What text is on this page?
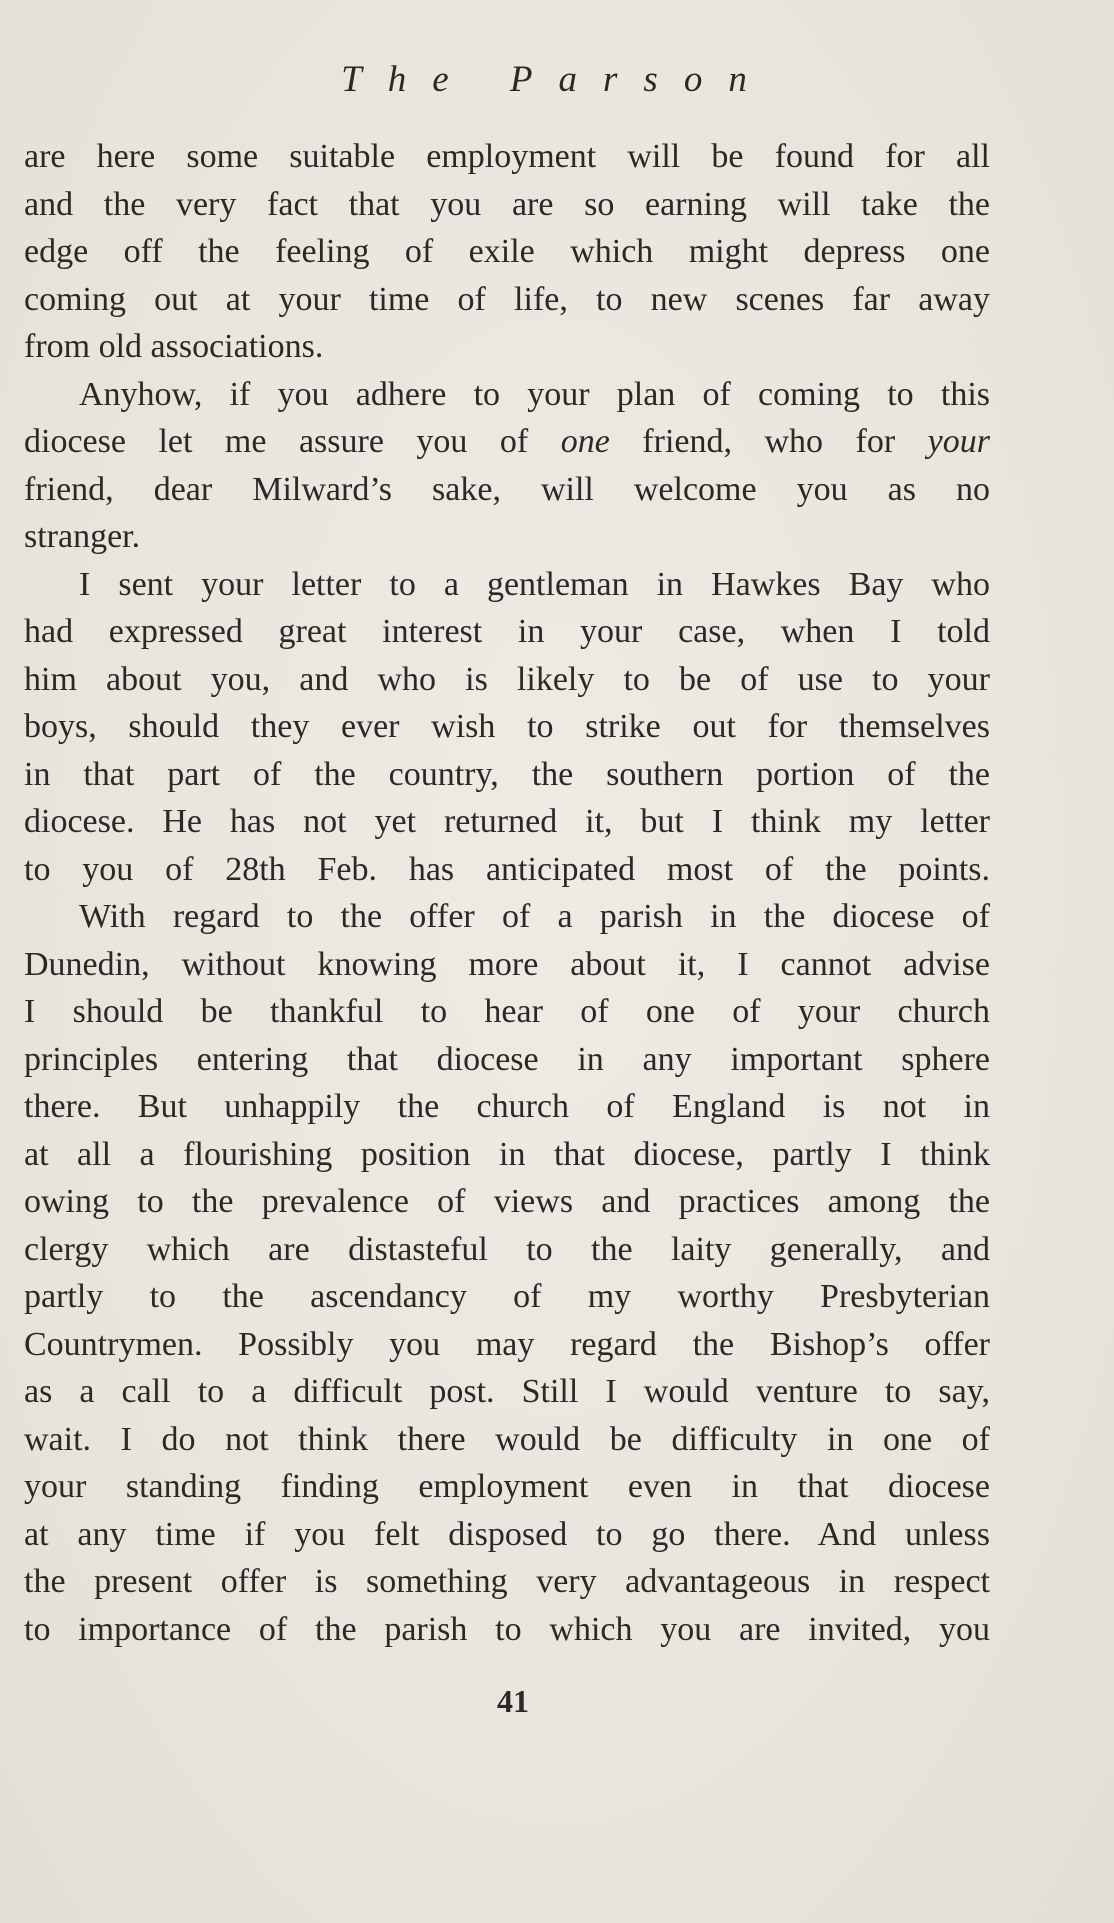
The Parson
are here some suitable employment will be found for all
and the very fact that you are so earning will take the
edge off the feeling of exile which might depress one
coming out at your time of life, to new scenes far away
from old associations.
Anyhow, if you adhere to your plan of coming to this
diocese let me assure you of one friend, who for your
friend, dear Milward’s sake, will welcome you as no
stranger.
I sent your letter to a gentleman in Hawkes Bay who
had expressed great interest in your case, when I told
him about you, and who is likely to be of use to your
boys, should they ever wish to strike out for themselves
in that part of the country, the southern portion of the
diocese. He has not yet returned it, but I think my letter
to you of 28th Feb. has anticipated most of the points.
With regard to the offer of a parish in the diocese of
Dunedin, without knowing more about it, I cannot advise
I should be thankful to hear of one of your church
principles entering that diocese in any important sphere
there. But unhappily the church of England is not in
at all a flourishing position in that diocese, partly I think
owing to the prevalence of views and practices among the
clergy which are distasteful to the laity generally, and
partly to the ascendancy of my worthy Presbyterian
Countrymen. Possibly you may regard the Bishop’s offer
as a call to a difficult post. Still I would venture to say,
wait. I do not think there would be difficulty in one of
your standing finding employment even in that diocese
at any time if you felt disposed to go there. And unless
the present offer is something very advantageous in respect
to importance of the parish to which you are invited, you
41
